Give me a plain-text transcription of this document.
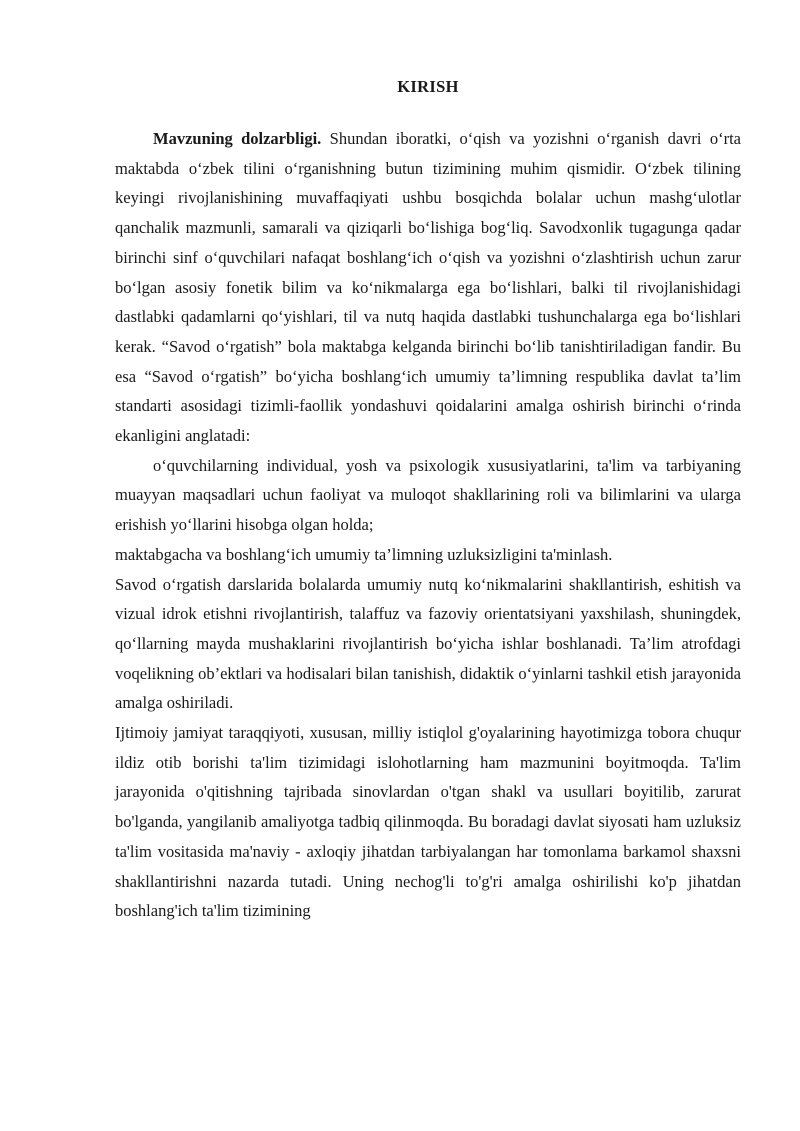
KIRISH

Mavzuning dolzarbligi. Shundan iboratki, o‘qish va yozishni o‘rganish davri o‘rta maktabda o‘zbek tilini o‘rganishning butun tizimining muhim qismidir. O‘zbek tilining keyingi rivojlanishining muvaffaqiyati ushbu bosqichda bolalar uchun mashg‘ulotlar qanchalik mazmunli, samarali va qiziqarli bo‘lishiga bog‘liq. Savodxonlik tugagunga qadar birinchi sinf o‘quvchilari nafaqat boshlang‘ich o‘qish va yozishni o‘zlashtirish uchun zarur bo‘lgan asosiy fonetik bilim va ko‘nikmalarga ega bo‘lishlari, balki til rivojlanishidagi dastlabki qadamlarni qo‘yishlari, til va nutq haqida dastlabki tushunchalarga ega bo‘lishlari kerak. “Savod o‘rgatish” bola maktabga kelganda birinchi bo‘lib tanishtiriladigan fandir. Bu esa “Savod o‘rgatish” bo‘yicha boshlang‘ich umumiy ta’limning respublika davlat ta’lim standarti asosidagi tizimli-faollik yondashuvi qoidalarini amalga oshirish birinchi o‘rinda ekanligini anglatadi:

o‘quvchilarning individual, yosh va psixologik xususiyatlarini, ta'lim va tarbiyaning muayyan maqsadlari uchun faoliyat va muloqot shakllarining roli va bilimlarini va ularga erishish yo‘llarini hisobga olgan holda;

maktabgacha va boshlang‘ich umumiy ta’limning uzluksizligini ta'minlash.

Savod o‘rgatish darslarida bolalarda umumiy nutq ko‘nikmalarini shakllantirish, eshitish va vizual idrok etishni rivojlantirish, talaffuz va fazoviy orientatsiyani yaxshilash, shuningdek, qo‘llarning mayda mushaklarini rivojlantirish bo‘yicha ishlar boshlanadi. Ta’lim atrofdagi voqelikning ob’ektlari va hodisalari bilan tanishish, didaktik o‘yinlarni tashkil etish jarayonida amalga oshiriladi.

Ijtimoiy jamiyat taraqqiyoti, xususan, milliy istiqlol g'oyalarining hayotimizga tobora chuqur ildiz otib borishi ta'lim tizimidagi islohotlarning ham mazmunini boyitmoqda. Ta'lim jarayonida o'qitishning tajribada sinovlardan o'tgan shakl va usullari boyitilib, zarurat bo'lganda, yangilanib amaliyotga tadbiq qilinmoqda. Bu boradagi davlat siyosati ham uzluksiz ta'lim vositasida ma'naviy - axloqiy jihatdan tarbiyalangan har tomonlama barkamol shaxsni shakllantirishni nazarda tutadi. Uning nechog'li to'g'ri amalga oshirilishi ko'p jihatdan boshlang'ich ta'lim tizimining
